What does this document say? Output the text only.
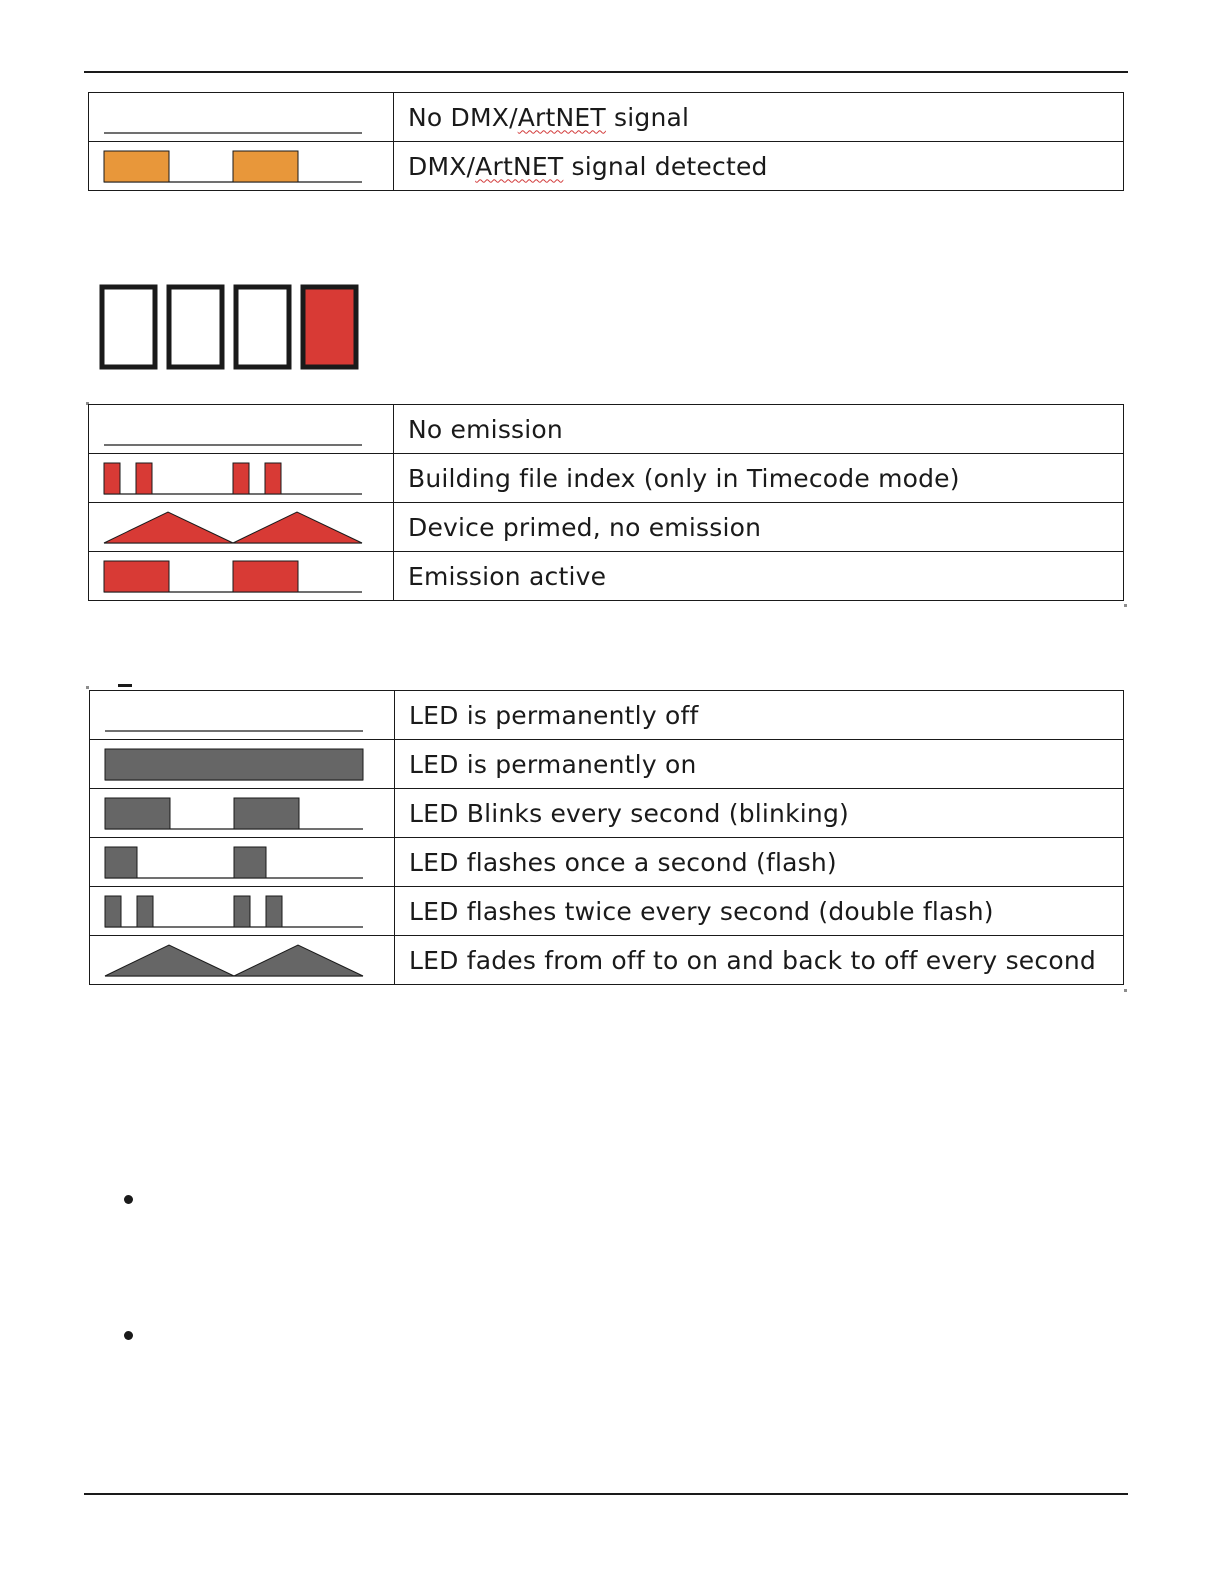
	No DMX/ArtNET signal

	DMX/ArtNET signal detected
	No emission

	Building file index (only in Timecode mode)

	Device primed, no emission

	Emission active
	LED is permanently off

	LED is permanently on

	LED Blinks every second (blinking)

	LED flashes once a second (flash)

	LED flashes twice every second (double flash)

	LED fades from off to on and back to off every second
